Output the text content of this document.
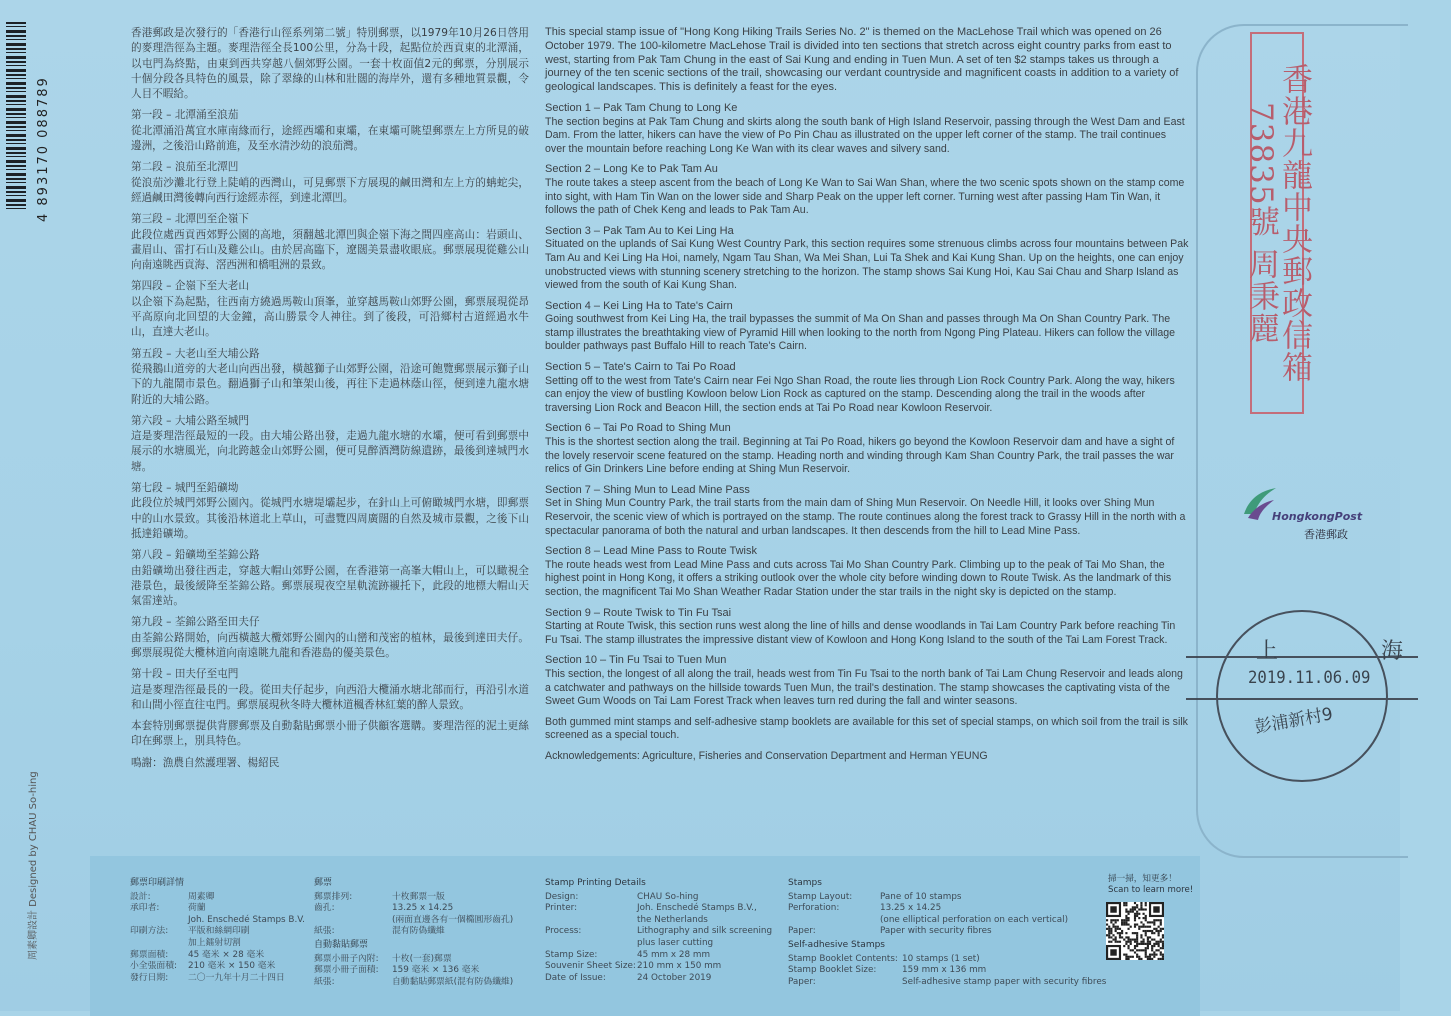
4 893170 088789
周素卿設計 Designed by CHAU So-hing

香港郵政是次發行的「香港行山徑系列第二號」特別郵票，以1979年10月26日啓用的麥理浩徑為主題。麥理浩徑全長100公里，分為十段，起點位於西貢東的北潭涌，以屯門為終點，由東到西共穿越八個郊野公園。一套十枚面值2元的郵票，分別展示十個分段各具特色的風景，除了翠綠的山林和壯闊的海岸外，還有多種地質景觀，令人目不暇給。

第一段 – 北潭涌至浪茄

從北潭涌沿萬宜水庫南緣而行，途經西壩和東壩，在東壩可眺望郵票左上方所見的破邊洲，之後沿山路前進，及至水清沙幼的浪茄灣。

第二段 – 浪茄至北潭凹

從浪茄沙灘北行登上陡峭的西灣山，可見郵票下方展現的鹹田灣和左上方的蚺蛇尖，經過鹹田灣後轉向西行途經赤徑，到達北潭凹。

第三段 – 北潭凹至企嶺下

此段位處西貢西郊野公園的高地，須翻越北潭凹與企嶺下海之間四座高山：岩頭山、畫眉山、雷打石山及雞公山。由於居高臨下，遼闊美景盡收眼底。郵票展現從雞公山向南遠眺西貢海、滘西洲和橋咀洲的景致。

第四段 – 企嶺下至大老山

以企嶺下為起點，往西南方繞過馬鞍山頂峯，並穿越馬鞍山郊野公園，郵票展現從昂平高原向北回望的大金鐘，高山勝景令人神往。到了後段，可沿鄉村古道經過水牛山，直達大老山。

第五段 – 大老山至大埔公路

從飛鵝山道旁的大老山向西出發，橫越獅子山郊野公園，沿途可飽覽郵票展示獅子山下的九龍鬧市景色。翻過獅子山和筆架山後，再往下走過林蔭山徑，便到達九龍水塘附近的大埔公路。

第六段 – 大埔公路至城門

這是麥理浩徑最短的一段。由大埔公路出發，走過九龍水塘的水壩，便可看到郵票中展示的水塘風光，向北跨越金山郊野公園，便可見醉酒灣防線遺跡，最後到達城門水塘。

第七段 – 城門至鉛礦坳

此段位於城門郊野公園內。從城門水塘堤壩起步，在針山上可俯瞰城門水塘，即郵票中的山水景致。其後沿林道北上草山，可盡覽四周廣闊的自然及城市景觀，之後下山抵達鉛礦坳。

第八段 – 鉛礦坳至荃錦公路

由鉛礦坳出發往西走，穿越大帽山郊野公園，在香港第一高峯大帽山上，可以瞰視全港景色，最後緩降至荃錦公路。郵票展現夜空星軌流跡襯托下，此段的地標大帽山天氣雷達站。

第九段 – 荃錦公路至田夫仔

由荃錦公路開始，向西橫越大欖郊野公園內的山巒和茂密的植林，最後到達田夫仔。郵票展現從大欖林道向南遠眺九龍和香港島的優美景色。

第十段 – 田夫仔至屯門

這是麥理浩徑最長的一段。從田夫仔起步，向西沿大欖涌水塘北部而行，再沿引水道和山間小徑直往屯門。郵票展現秋冬時大欖林道楓香林紅葉的醉人景致。

本套特別郵票提供背膠郵票及自動黏貼郵票小冊子供顧客選購。麥理浩徑的泥土更絲印在郵票上，別具特色。

鳴謝：漁農自然護理署、楊紹民

This special stamp issue of "Hong Kong Hiking Trails Series No. 2" is themed on the MacLehose Trail which was opened on 26 October 1979. The 100-kilometre MacLehose Trail is divided into ten sections that stretch across eight country parks from east to west, starting from Pak Tam Chung in the east of Sai Kung and ending in Tuen Mun. A set of ten $2 stamps takes us through a journey of the ten scenic sections of the trail, showcasing our verdant countryside and magnificent coasts in addition to a variety of geological landscapes. This is definitely a feast for the eyes.

Section 1 – Pak Tam Chung to Long Ke

The section begins at Pak Tam Chung and skirts along the south bank of High Island Reservoir, passing through the West Dam and East Dam. From the latter, hikers can have the view of Po Pin Chau as illustrated on the upper left corner of the stamp. The trail continues over the mountain before reaching Long Ke Wan with its clear waves and silvery sand.

Section 2 – Long Ke to Pak Tam Au

The route takes a steep ascent from the beach of Long Ke Wan to Sai Wan Shan, where the two scenic spots shown on the stamp come into sight, with Ham Tin Wan on the lower side and Sharp Peak on the upper left corner. Turning west after passing Ham Tin Wan, it follows the path of Chek Keng and leads to Pak Tam Au.

Section 3 – Pak Tam Au to Kei Ling Ha

Situated on the uplands of Sai Kung West Country Park, this section requires some strenuous climbs across four mountains between Pak Tam Au and Kei Ling Ha Hoi, namely, Ngam Tau Shan, Wa Mei Shan, Lui Ta Shek and Kai Kung Shan. Up on the heights, one can enjoy unobstructed views with stunning scenery stretching to the horizon. The stamp shows Sai Kung Hoi, Kau Sai Chau and Sharp Island as viewed from the south of Kai Kung Shan.

Section 4 – Kei Ling Ha to Tate's Cairn

Going southwest from Kei Ling Ha, the trail bypasses the summit of Ma On Shan and passes through Ma On Shan Country Park. The stamp illustrates the breathtaking view of Pyramid Hill when looking to the north from Ngong Ping Plateau. Hikers can follow the village boulder pathways past Buffalo Hill to reach Tate's Cairn.

Section 5 – Tate's Cairn to Tai Po Road

Setting off to the west from Tate's Cairn near Fei Ngo Shan Road, the route lies through Lion Rock Country Park. Along the way, hikers can enjoy the view of bustling Kowloon below Lion Rock as captured on the stamp. Descending along the trail in the woods after traversing Lion Rock and Beacon Hill, the section ends at Tai Po Road near Kowloon Reservoir.

Section 6 – Tai Po Road to Shing Mun

This is the shortest section along the trail. Beginning at Tai Po Road, hikers go beyond the Kowloon Reservoir dam and have a sight of the lovely reservoir scene featured on the stamp. Heading north and winding through Kam Shan Country Park, the trail passes the war relics of Gin Drinkers Line before ending at Shing Mun Reservoir.

Section 7 – Shing Mun to Lead Mine Pass

Set in Shing Mun Country Park, the trail starts from the main dam of Shing Mun Reservoir. On Needle Hill, it looks over Shing Mun Reservoir, the scenic view of which is portrayed on the stamp. The route continues along the forest track to Grassy Hill in the north with a spectacular panorama of both the natural and urban landscapes. It then descends from the hill to Lead Mine Pass.

Section 8 – Lead Mine Pass to Route Twisk

The route heads west from Lead Mine Pass and cuts across Tai Mo Shan Country Park. Climbing up to the peak of Tai Mo Shan, the highest point in Hong Kong, it offers a striking outlook over the whole city before winding down to Route Twisk. As the landmark of this section, the magnificent Tai Mo Shan Weather Radar Station under the star trails in the night sky is depicted on the stamp.

Section 9 – Route Twisk to Tin Fu Tsai

Starting at Route Twisk, this section runs west along the line of hills and dense woodlands in Tai Lam Country Park before reaching Tin Fu Tsai. The stamp illustrates the impressive distant view of Kowloon and Hong Kong Island to the south of the Tai Lam Forest Track.

Section 10 – Tin Fu Tsai to Tuen Mun

This section, the longest of all along the trail, heads west from Tin Fu Tsai to the north bank of Tai Lam Chung Reservoir and leads along a catchwater and pathways on the hillside towards Tuen Mun, the trail's destination. The stamp showcases the captivating vista of the Sweet Gum Woods on Tai Lam Forest Track when leaves turn red during the fall and winter seasons.

Both gummed mint stamps and self-adhesive stamp booklets are available for this set of special stamps, on which soil from the trail is silk screened as a special touch.

Acknowledgements: Agriculture, Fisheries and Conservation Department and Herman YEUNG

香港九龍中央郵政信箱73835號 周秉麗
HongkongPost
香港郵政
上 海
2019.11.06.09
彭浦新村9
郵票印刷詳情
設計:	周素卿
承印者:	荷蘭
Joh. Enschedé Stamps B.V.
印刷方法:	平版和絲網印刷
加上鐳射切割
郵票面積:	45 毫米 × 28 毫米
小全張面積:	210 毫米 × 150 毫米
發行日期:	二〇一九年十月二十四日
郵票
郵票排列:	十枚郵票一版
齒孔:	13.25 x 14.25
(兩面直邊各有一個橢圓形齒孔)
紙張:	混有防偽纖維
自動黏貼郵票
郵票小冊子內附:	十枚(一套)郵票
郵票小冊子面積:	159 毫米 × 136 毫米
紙張:	自動黏貼郵票紙(混有防偽纖維)
Stamp Printing Details
Design:	CHAU So-hing
Printer:	Joh. Enschedé Stamps B.V.,
the Netherlands
Process:	Lithography and silk screening
plus laser cutting
Stamp Size:	45 mm x 28 mm
Souvenir Sheet Size: 210 mm x 150 mm
Date of Issue:	24 October 2019
Stamps
Stamp Layout:	Pane of 10 stamps
Perforation:	13.25 x 14.25
(one elliptical perforation on each vertical)
Paper:	Paper with security fibres
Self-adhesive Stamps
Stamp Booklet Contents: 10 stamps (1 set)
Stamp Booklet Size:	159 mm x 136 mm
Paper:	Self-adhesive stamp paper with security fibres
掃一掃，知更多！
Scan to learn more!
